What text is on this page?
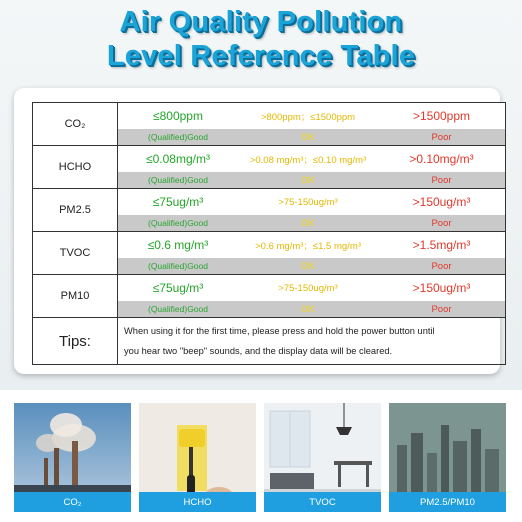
Air Quality Pollution
Level Reference Table
CO₂
≤800ppm	>800ppm；≤1500ppm	>1500ppm
(Qualified)Good	OK	Poor
HCHO
≤0.08mg/m³	>0.08 mg/m³；≤0.10 mg/m³	>0.10mg/m³
(Qualified)Good	OK	Poor
PM2.5
≤75ug/m³	>75-150ug/m³	>150ug/m³
(Qualified)Good	OK	Poor
TVOC
≤0.6 mg/m³	>0.6 mg/m³；≤1.5 mg/m³	>1.5mg/m³
(Qualified)Good	OK	Poor
PM10
≤75ug/m³	>75-150ug/m³	>150ug/m³
(Qualified)Good	OK	Poor
Tips:
When using it for the first time, please press and hold the power button until
you hear two "beep" sounds, and the display data will be cleared.
CO₂	HCHO	TVOC	PM2.5/PM10
